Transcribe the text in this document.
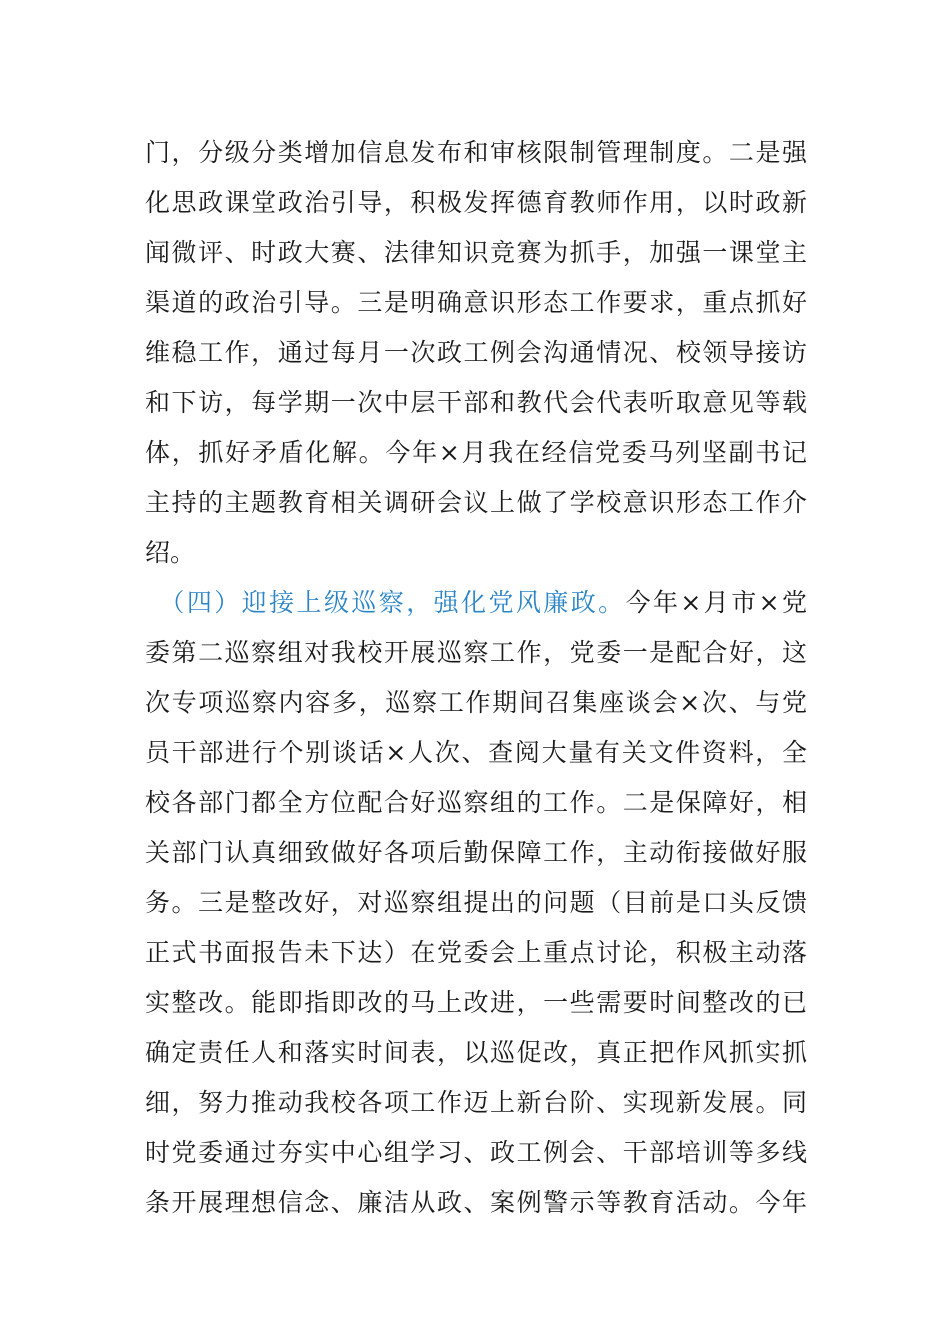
门，分级分类增加信息发布和审核限制管理制度。二是强
化思政课堂政治引导，积极发挥德育教师作用，以时政新
闻微评、时政大赛、法律知识竞赛为抓手，加强一课堂主
渠道的政治引导。三是明确意识形态工作要求，重点抓好
维稳工作，通过每月一次政工例会沟通情况、校领导接访
和下访，每学期一次中层干部和教代会代表听取意见等载
体，抓好矛盾化解。今年×月我在经信党委马列坚副书记
主持的主题教育相关调研会议上做了学校意识形态工作介
绍。
（四）迎接上级巡察，强化党风廉政。今年×月市×党
委第二巡察组对我校开展巡察工作，党委一是配合好，这
次专项巡察内容多，巡察工作期间召集座谈会×次、与党
员干部进行个别谈话×人次、查阅大量有关文件资料，全
校各部门都全方位配合好巡察组的工作。二是保障好，相
关部门认真细致做好各项后勤保障工作，主动衔接做好服
务。三是整改好，对巡察组提出的问题（目前是口头反馈
正式书面报告未下达）在党委会上重点讨论，积极主动落
实整改。能即指即改的马上改进，一些需要时间整改的已
确定责任人和落实时间表，以巡促改，真正把作风抓实抓
细，努力推动我校各项工作迈上新台阶、实现新发展。同
时党委通过夯实中心组学习、政工例会、干部培训等多线
条开展理想信念、廉洁从政、案例警示等教育活动。今年
